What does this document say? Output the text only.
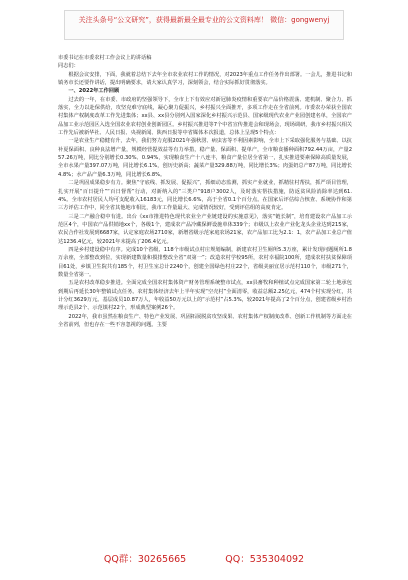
关注头条号“公文研究”，获得最新最全最专业的公文资料库！ 微信：gongwenyj

市委书记在市委农村工作会议上的讲话稿

同志们：

根据会议安排，下面，我就着总结下去年全市农业农村工作的情况，对2023年重点工作任务作出部署。一会儿，推进书记和镇务市长还要作讲话，提出明确要求，请大家认真学习，深刻领会，结合实际抓好贯彻落实。

一、2022年工作回顾

过去的一年，在市委、市政府的坚强领导下，全市上下有效应对新冠肺炎疫情和重要农产品价格震荡、建机制、聚合力、抓落实，全力以赴保供给，攻坚克难守底线，凝心聚力促振兴，乡村振兴全面推开，多项工作走在全省前列。市委农办荣获全国农村集体产权制度改革工作先进集体；xx县、xx县分别列入国家深化乡村振兴示范县、国家级现代农业产业园创建名单，全国农产品加工业示范园区入选全国农业农村创业创新园区。乡村振兴推进等7个中省宣传推进会和现场会，现场调研，我市乡村振兴相关工作先后被新华社、人民日报、央视新闻、陕西日报等中省媒体本次报道，总体上呈现5个特点：

一是农业生产稳健有升，去年，我们努力克服2021年强秋涝、病虫害等不利因素影响，全市上下采取强化服务与基础、以抗补夏保面积、良种良法增产量，规模经营提效益等有力举措，稳产量、保面积、提单产，全市粮食播种面积792.44万亩，产量257.26万吨，同比分别增长0.30%、0.94%，实现粮食生产十八连丰，粮食产量位居全省第一，扎实推进要素保障高质量发展，全市水果产量397.07万吨，同比增长6.1%，创历史新高；蔬菜产量329.88万吨，同比增长3%；肉蛋奶总产87万吨，同比增长4.8%；水产品产量6.3万吨，同比增长6.8%。

二是巩固成果稳步有力。聚焦“守底线、抓发展、促振兴”，抓细动态监测，抓实产业就业，抓精驻村帮扶，抓严项目管理，扎实开展“百日提升”“百日督帮”行动，对新纳入的“三类户”918户3002人，及时落实帮扶措施，防返贫风险消除率达到61.4%。全市农村居民人均可支配收入16183元，同比增长6.6%，高于全省0.1个百分点。在国家后评估综合核查、系统协作和第三方评估工作中，同全省其他地市相比，我市工作量最大、完成情况较好，受到评估组的高度肯定。

三是二产融合稳中有进。出台《xx市推进特色现代农业全产业链建设的实施意见》，落实“链长制”，培育建设农产品加工示范区4个，中国农产品供销地xx个，各级1个，建成农产品冷藏保鲜设施单体339个；市级以上农业产业化龙头企业达到215家，农民合作社发展到6687家，认定家庭农场2710家，新增省级示范家庭农场21家，农产品加工比为2.1：1，农产品加工业总产值达1236.4亿元，较2021年末提高了206.4亿元。

四是乡村建设稳中有序。完成10个省级、118个市级试点村庄规划编制，新建农村卫生厕所5.3万座，累计发现问题厕所1.8万余座，全部整改到位，实现新建数量和摸排整改全省“双第一”；改造农村学校95所，农村幸福院100所，建成农村扶贫保障项目61处，乡镇卫生院共有185个，村卫生室总计2240个，创建全国绿色村庄22个，省级美丽宜居示范村110个，市级271个，数量全省第一。

五是农村改革稳步推进。全面完成全国农村集体资产财务管理系统整市试点，xx县畜牧和种植试点完成国家第二轮土地承包到期后再延长30年整镇试点任务。农村集体经济去年上半年实现“空壳村”全面清零，收益总额2.25亿元，474个村实现分红，共计分红3629万元。基层成员10.87万人，年收益50万元以上的“示范村”占5.3%，较2021年提高了2个百分点，创建省级乡村治理示范县2个、示范镇村22个，形成典型案例26个。

2022年，我市虽然在粮食生产、特色产业发展、巩固拓展脱贫攻坚成果、农村集体产权制度改革、创新工作机制等方面走在全省前列，但也存在一些不容忽视的问题。主要

QQ群：30265665	QQ：535304092
